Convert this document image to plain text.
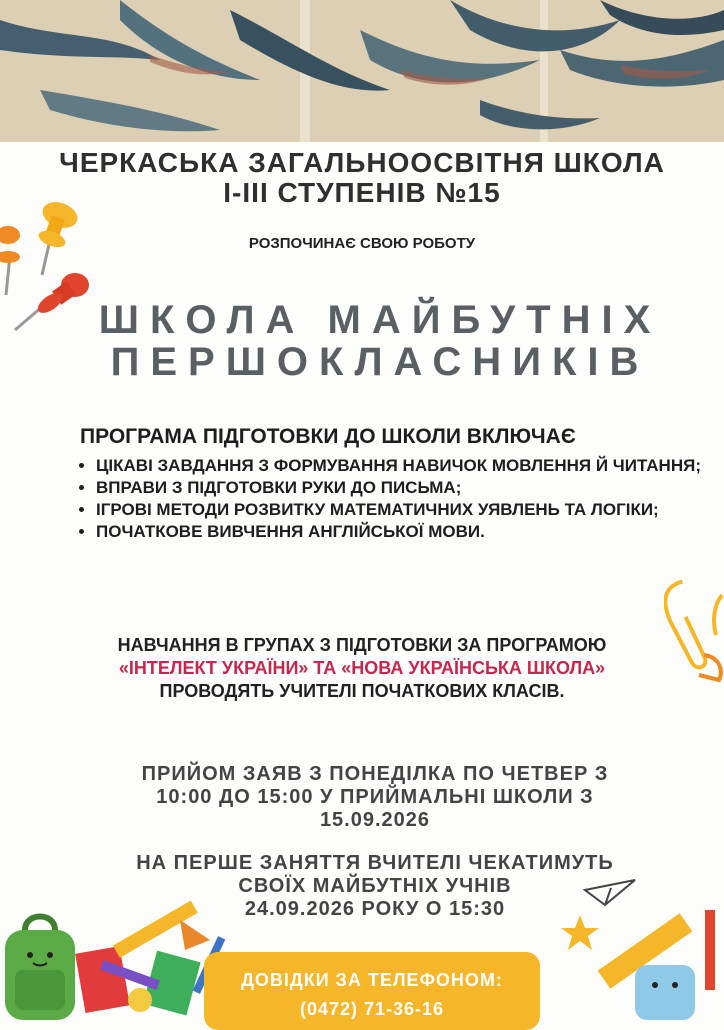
ЧЕРКАСЬКА ЗАГАЛЬНООСВІТНЯ ШКОЛА
І-ІІІ СТУПЕНІВ №15
РОЗПОЧИНАЄ СВОЮ РОБОТУ
ШКОЛА МАЙБУТНІХ
ПЕРШОКЛАСНИКІВ
ПРОГРАМА ПІДГОТОВКИ ДО ШКОЛИ ВКЛЮЧАЄ
• ЦІКАВІ ЗАВДАННЯ З ФОРМУВАННЯ НАВИЧОК МОВЛЕННЯ Й ЧИТАННЯ;
• ВПРАВИ З ПІДГОТОВКИ РУКИ ДО ПИСЬМА;
• ІГРОВІ МЕТОДИ РОЗВИТКУ МАТЕМАТИЧНИХ УЯВЛЕНЬ ТА ЛОГІКИ;
• ПОЧАТКОВЕ ВИВЧЕННЯ АНГЛІЙСЬКОЇ МОВИ.
НАВЧАННЯ В ГРУПАХ З ПІДГОТОВКИ ЗА ПРОГРАМОЮ
«ІНТЕЛЕКТ УКРАЇНИ» ТА «НОВА УКРАЇНСЬКА ШКОЛА»
ПРОВОДЯТЬ УЧИТЕЛІ ПОЧАТКОВИХ КЛАСІВ.
ПРИЙОМ ЗАЯВ З ПОНЕДІЛКА ПО ЧЕТВЕР З
10:00 ДО 15:00 У ПРИЙМАЛЬНІ ШКОЛИ З
15.09.2026
НА ПЕРШЕ ЗАНЯТТЯ ВЧИТЕЛІ ЧЕКАТИМУТЬ
СВОЇХ МАЙБУТНІХ УЧНІВ
24.09.2026 РОКУ О 15:30
ДОВІДКИ ЗА ТЕЛЕФОНОМ:
(0472) 71-36-16
